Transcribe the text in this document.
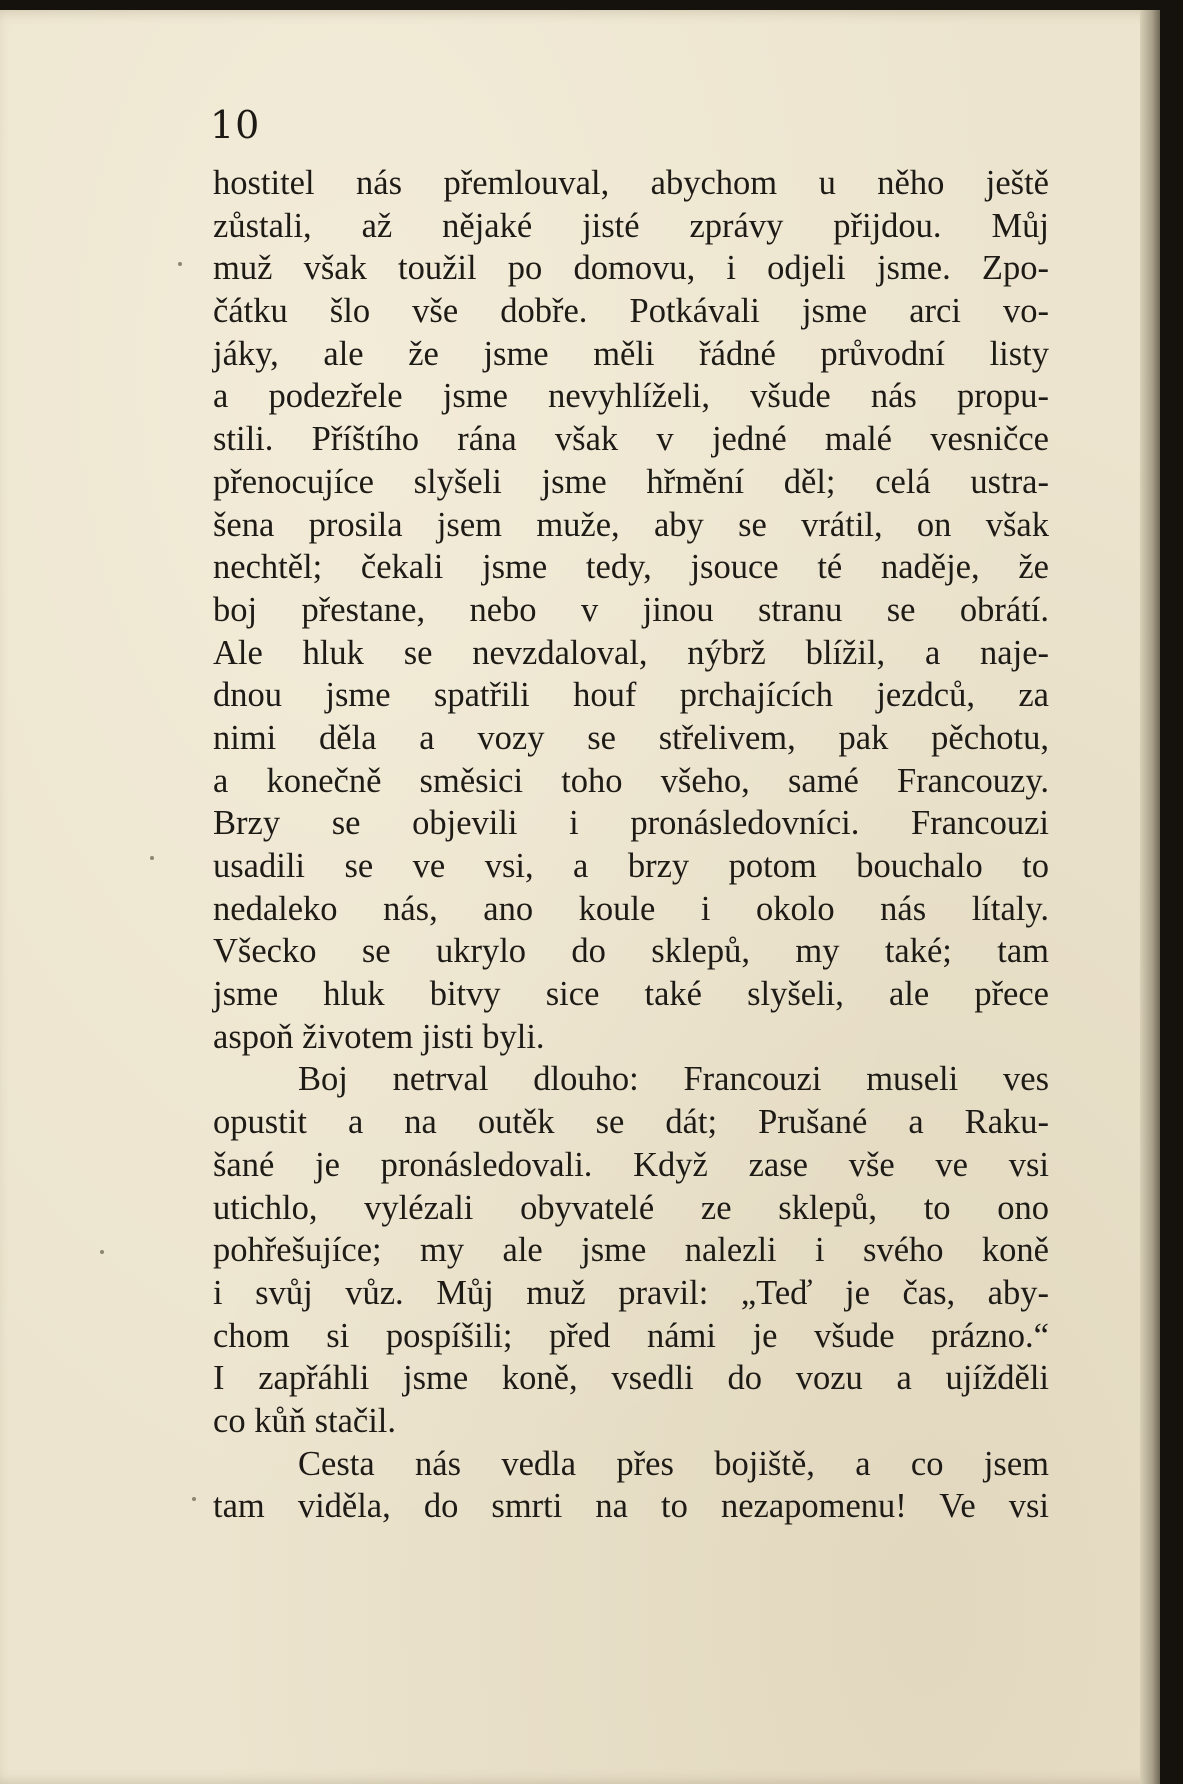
10
hostitel nás přemlouval, abychom u něho ještě
zůstali, až nějaké jisté zprávy přijdou. Můj
muž však toužil po domovu, i odjeli jsme. Zpo-
čátku šlo vše dobře. Potkávali jsme arci vo-
jáky, ale že jsme měli řádné průvodní listy
a podezřele jsme nevyhlíželi, všude nás propu-
stili. Příštího rána však v jedné malé vesničce
přenocujíce slyšeli jsme hřmění děl; celá ustra-
šena prosila jsem muže, aby se vrátil, on však
nechtěl; čekali jsme tedy, jsouce té naděje, že
boj přestane, nebo v jinou stranu se obrátí.
Ale hluk se nevzdaloval, nýbrž blížil, a naje-
dnou jsme spatřili houf prchajících jezdců, za
nimi děla a vozy se střelivem, pak pěchotu,
a konečně směsici toho všeho, samé Francouzy.
Brzy se objevili i pronásledovníci. Francouzi
usadili se ve vsi, a brzy potom bouchalo to
nedaleko nás, ano koule i okolo nás lítaly.
Všecko se ukrylo do sklepů, my také; tam
jsme hluk bitvy sice také slyšeli, ale přece
aspoň životem jisti byli.
Boj netrval dlouho: Francouzi museli ves
opustit a na outěk se dát; Prušané a Raku-
šané je pronásledovali. Když zase vše ve vsi
utichlo, vylézali obyvatelé ze sklepů, to ono
pohřešujíce; my ale jsme nalezli i svého koně
i svůj vůz. Můj muž pravil: „Teď je čas, aby-
chom si pospíšili; před námi je všude prázno.“
I zapřáhli jsme koně, vsedli do vozu a ujížděli
co kůň stačil.
Cesta nás vedla přes bojiště, a co jsem
tam viděla, do smrti na to nezapomenu! Ve vsi
